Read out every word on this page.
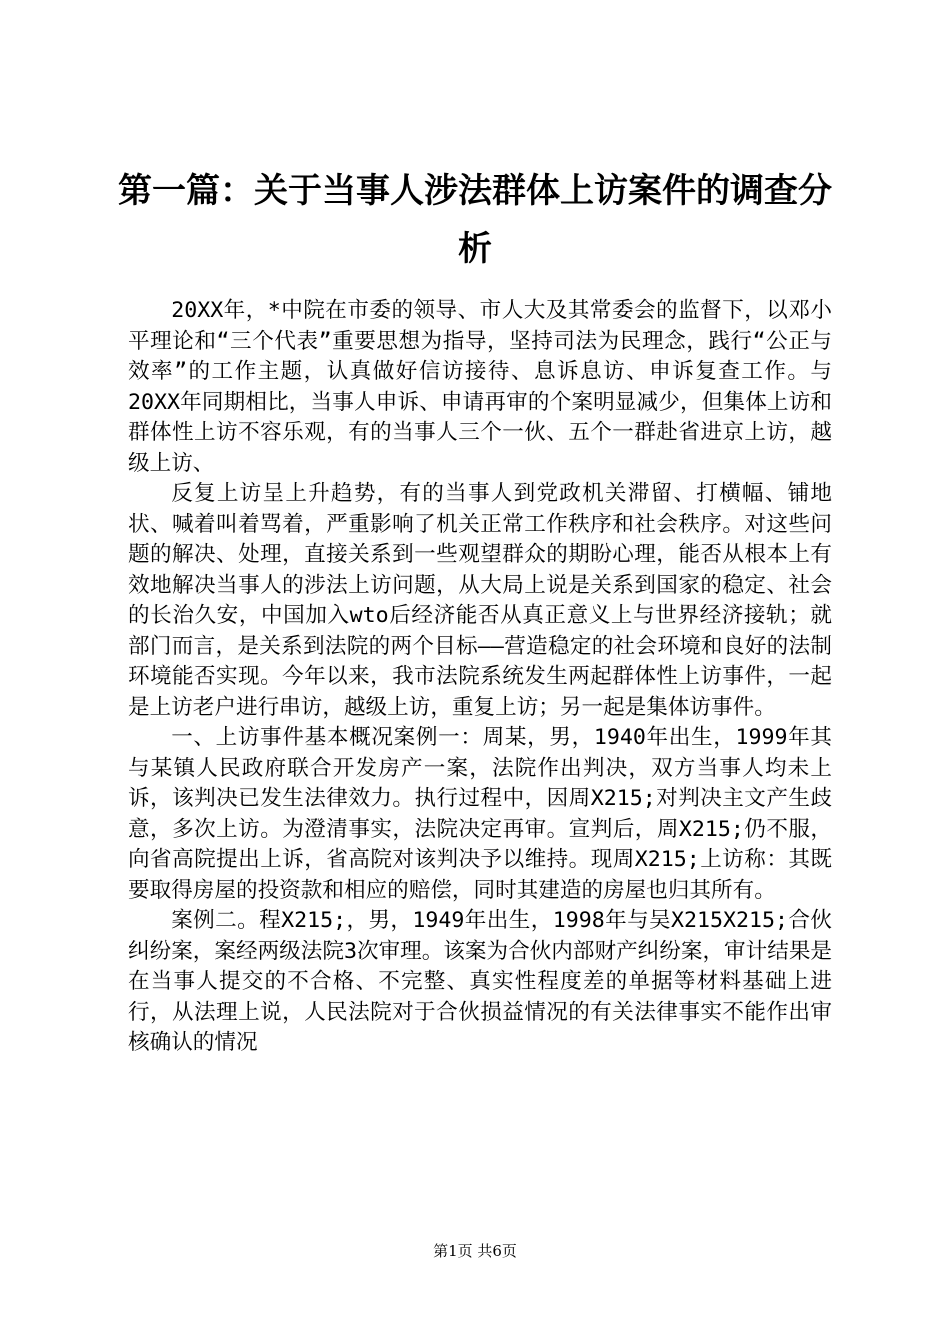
第一篇：关于当事人涉法群体上访案件的调查分析

20XX年，*中院在市委的领导、市人大及其常委会的监督下，以邓小平理论和“三个代表”重要思想为指导，坚持司法为民理念，践行“公正与效率”的工作主题，认真做好信访接待、息诉息访、申诉复查工作。与20XX年同期相比，当事人申诉、申请再审的个案明显减少，但集体上访和群体性上访不容乐观，有的当事人三个一伙、五个一群赴省进京上访，越级上访、

反复上访呈上升趋势，有的当事人到党政机关滞留、打横幅、铺地状、喊着叫着骂着，严重影响了机关正常工作秩序和社会秩序。对这些问题的解决、处理，直接关系到一些观望群众的期盼心理，能否从根本上有效地解决当事人的涉法上访问题，从大局上说是关系到国家的稳定、社会的长治久安，中国加入wto后经济能否从真正意义上与世界经济接轨；就部门而言，是关系到法院的两个目标——营造稳定的社会环境和良好的法制环境能否实现。今年以来，我市法院系统发生两起群体性上访事件，一起是上访老户进行串访，越级上访，重复上访；另一起是集体访事件。

一、上访事件基本概况案例一：周某，男，1940年出生，1999年其与某镇人民政府联合开发房产一案，法院作出判决，双方当事人均未上诉，该判决已发生法律效力。执行过程中，因周X215;对判决主文产生歧意，多次上访。为澄清事实，法院决定再审。宣判后，周X215;仍不服，向省高院提出上诉，省高院对该判决予以维持。现周X215;上访称：其既要取得房屋的投资款和相应的赔偿，同时其建造的房屋也归其所有。

案例二。程X215;，男，1949年出生，1998年与吴X215X215;合伙纠纷案，案经两级法院3次审理。该案为合伙内部财产纠纷案，审计结果是在当事人提交的不合格、不完整、真实性程度差的单据等材料基础上进行，从法理上说，人民法院对于合伙损益情况的有关法律事实不能作出审核确认的情况

第1页 共6页
